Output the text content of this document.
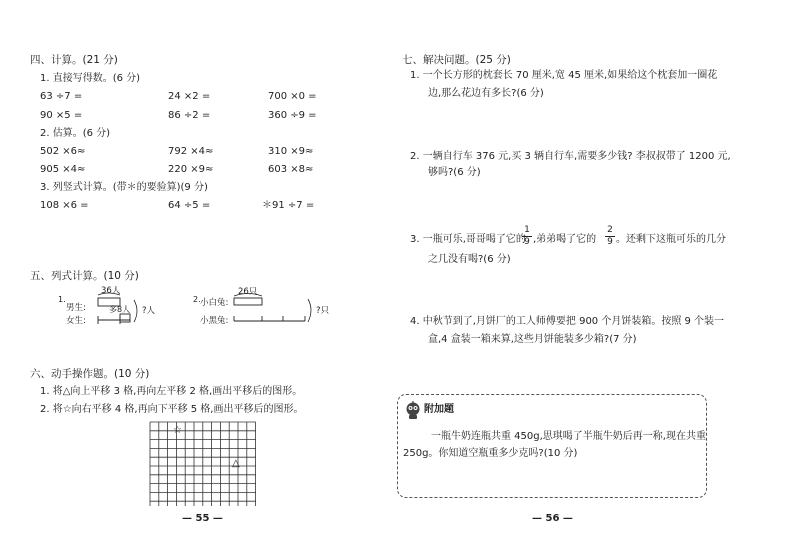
四、计算。(21 分)
1. 直接写得数。(6 分)
63 ÷7 =	24 ×2 =	700 ×0 =
90 ×5 =	86 ÷2 =	360 ÷9 =
2. 估算。(6 分)
502 ×6≈	792 ×4≈	310 ×9≈
905 ×4≈	220 ×9≈	603 ×8≈
3. 列竖式计算。(带＊的要验算)(9 分)
108 ×6 =	64 ÷5 =	＊91 ÷7 =
五、列式计算。(10 分)
1.
男生:
女生:
36人
多8人 ?人
2. 小白兔:
小黑兔:
26只
?只
六、动手操作题。(10 分)
1. 将△向上平移 3 格,再向左平移 2 格,画出平移后的图形。
2. 将☆向右平移 4 格,再向下平移 5 格,画出平移后的图形。
☆
△
— 55 —
七、解决问题。(25 分)
1. 一个长方形的枕套长 70 厘米,宽 45 厘米,如果给这个枕套加一圈花
边,那么花边有多长?(6 分)
2. 一辆自行车 376 元,买 3 辆自行车,需要多少钱? 李叔叔带了 1200 元,
够吗?(6 分)
3. 一瓶可乐,哥哥喝了它的
$\frac{1}{9}$ ,弟弟喝了它的 $\frac{2}{9}$ 。还剩下这瓶可乐的几分
之几没有喝?(6 分)
4. 中秋节到了,月饼厂的工人师傅要把 900 个月饼装箱。按照 9 个装一
盒,4 盒装一箱来算,这些月饼能装多少箱?(7 分)
— 56 —
附加题
一瓶牛奶连瓶共重 450g,思琪喝了半瓶牛奶后再一称,现在共重
250g。你知道空瓶重多少克吗?(10 分)
